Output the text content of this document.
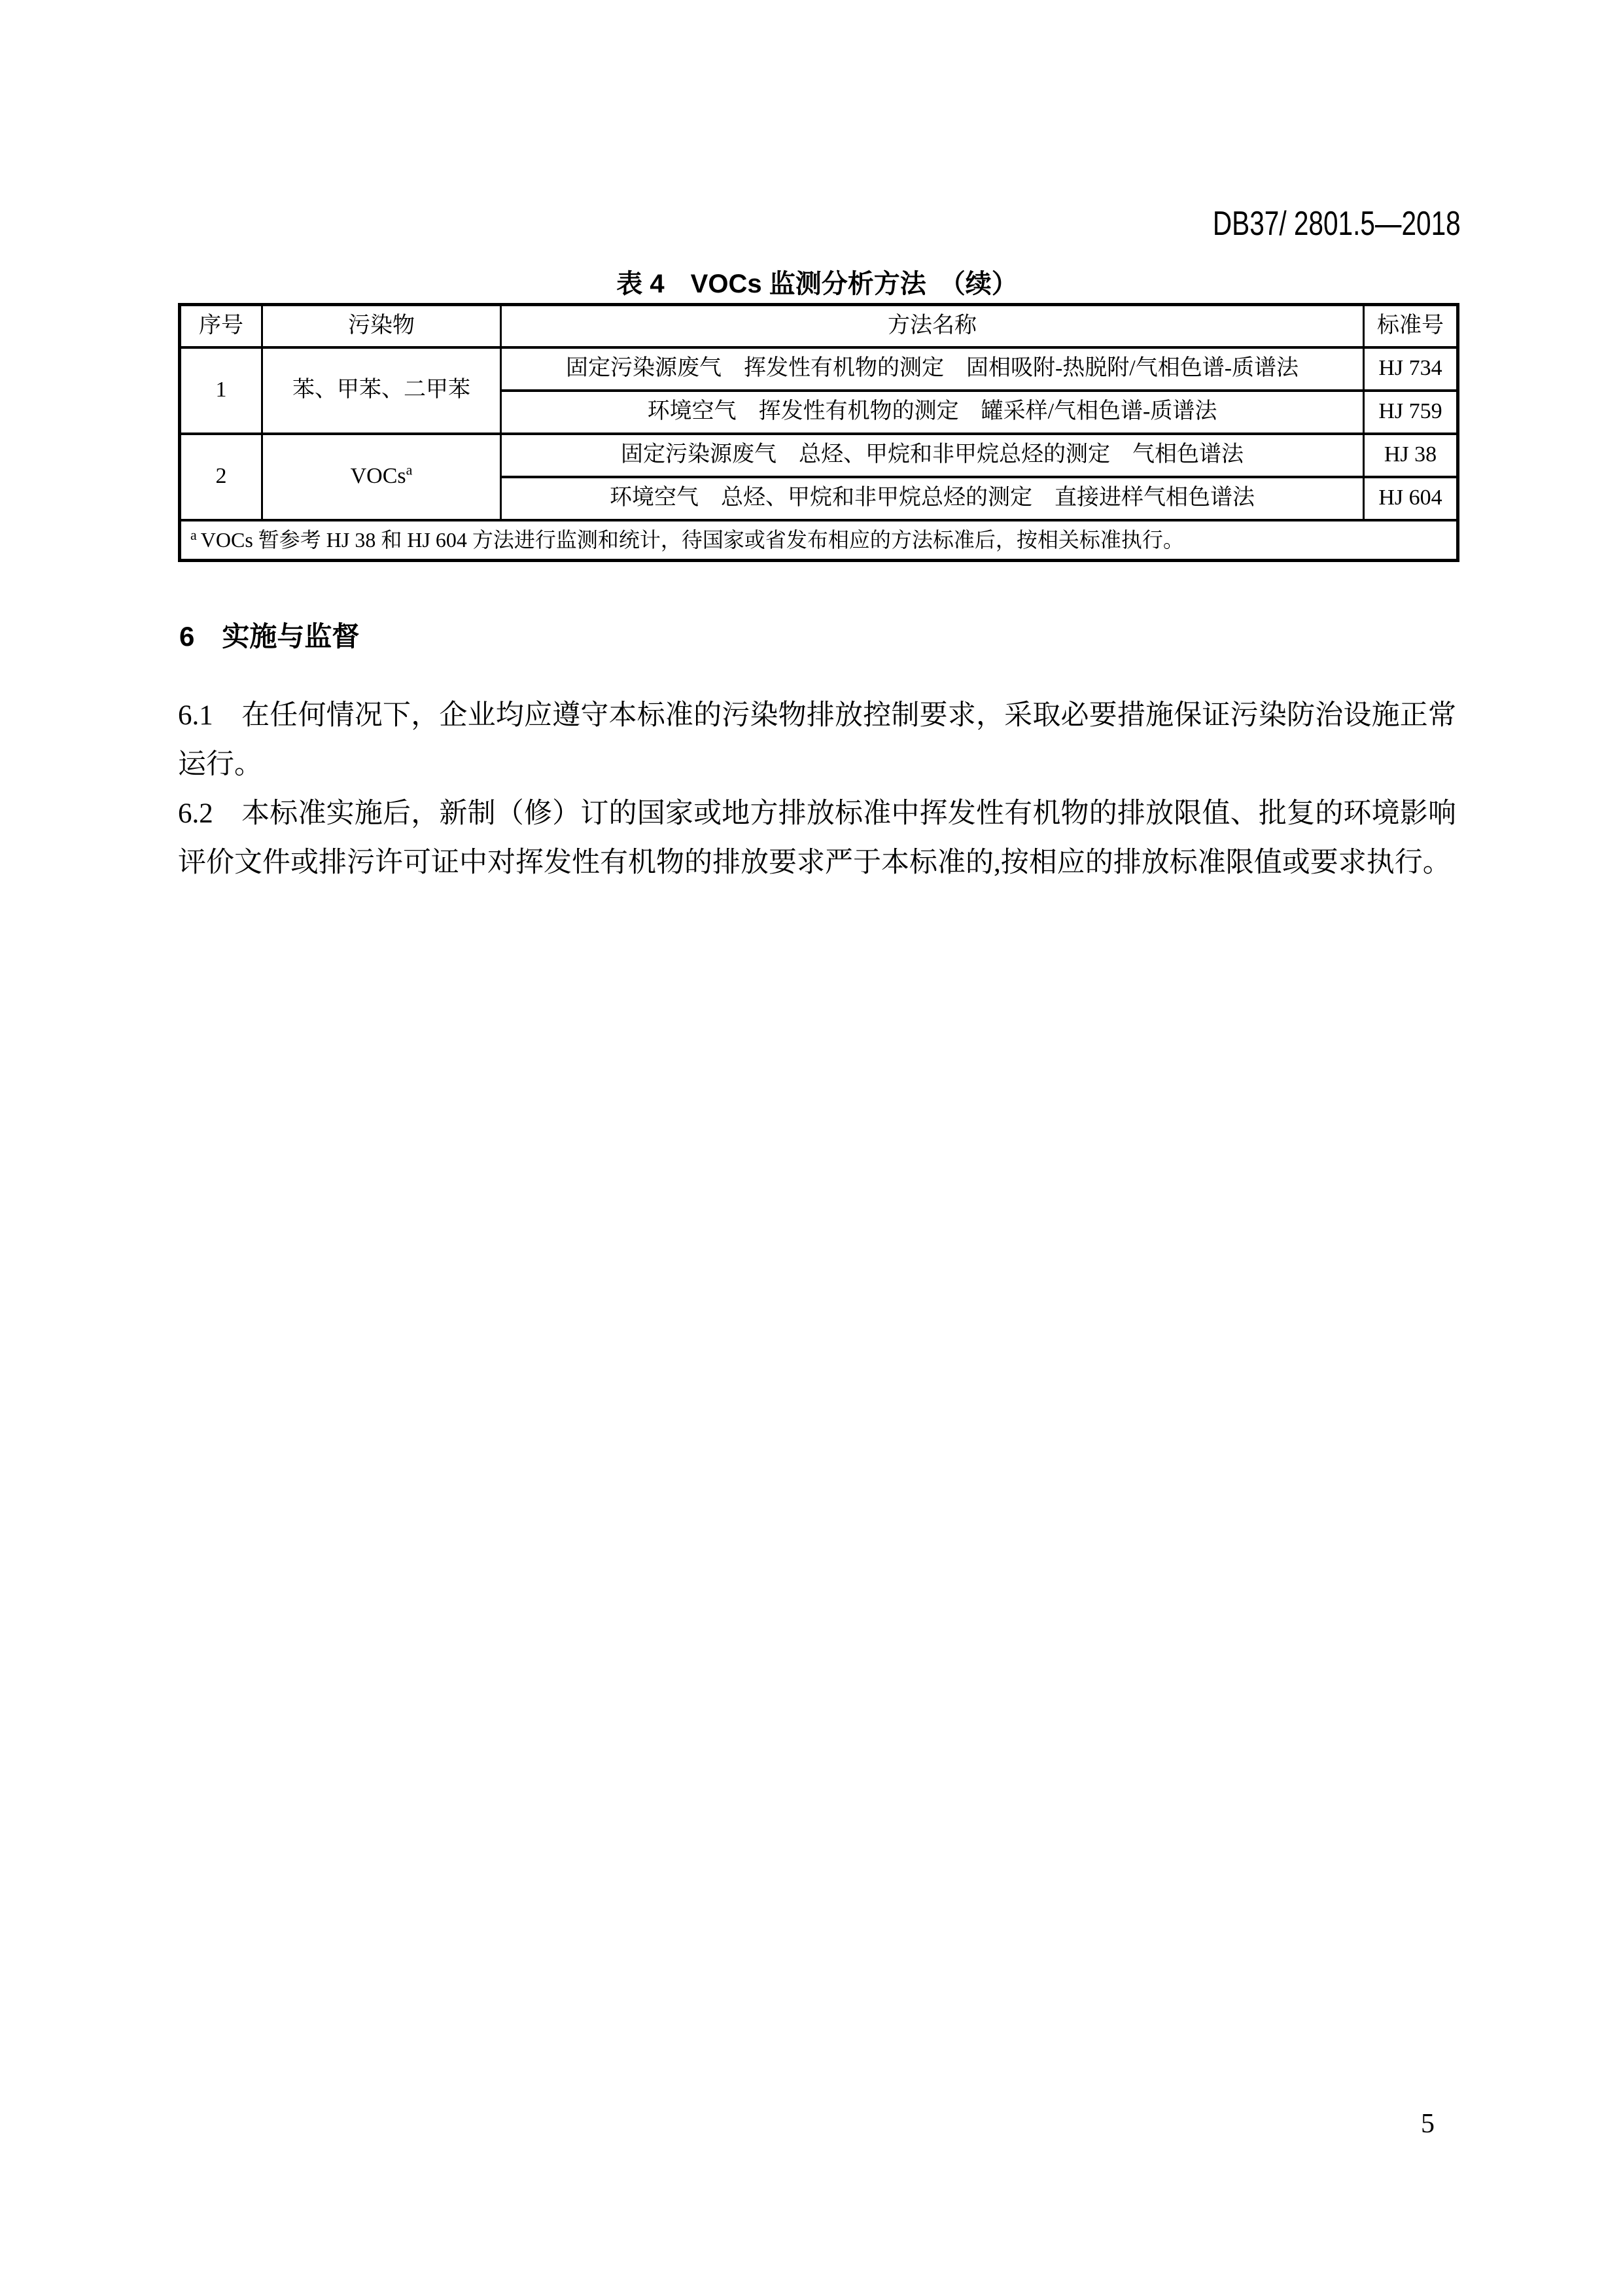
DB37/ 2801.5—2018
表 4　VOCs 监测分析方法　（续）
序号	污染物	方法名称	标准号
1	苯、甲苯、二甲苯	固定污染源废气　挥发性有机物的测定　固相吸附-热脱附/气相色谱-质谱法	HJ 734
		环境空气　挥发性有机物的测定　罐采样/气相色谱-质谱法	HJ 759
2	VOCs$^a$	固定污染源废气　总烃、甲烷和非甲烷总烃的测定　气相色谱法	HJ 38
		环境空气　总烃、甲烷和非甲烷总烃的测定　直接进样气相色谱法	HJ 604
$^a$ VOCs 暂参考 HJ 38 和 HJ 604 方法进行监测和统计，待国家或省发布相应的方法标准后，按相关标准执行。			
6　实施与监督

6.1　在任何情况下，企业均应遵守本标准的污染物排放控制要求，采取必要措施保证污染防治设施正常运行。

6.2　本标准实施后，新制（修）订的国家或地方排放标准中挥发性有机物的排放限值、批复的环境影响评价文件或排污许可证中对挥发性有机物的排放要求严于本标准的,按相应的排放标准限值或要求执行。

5
